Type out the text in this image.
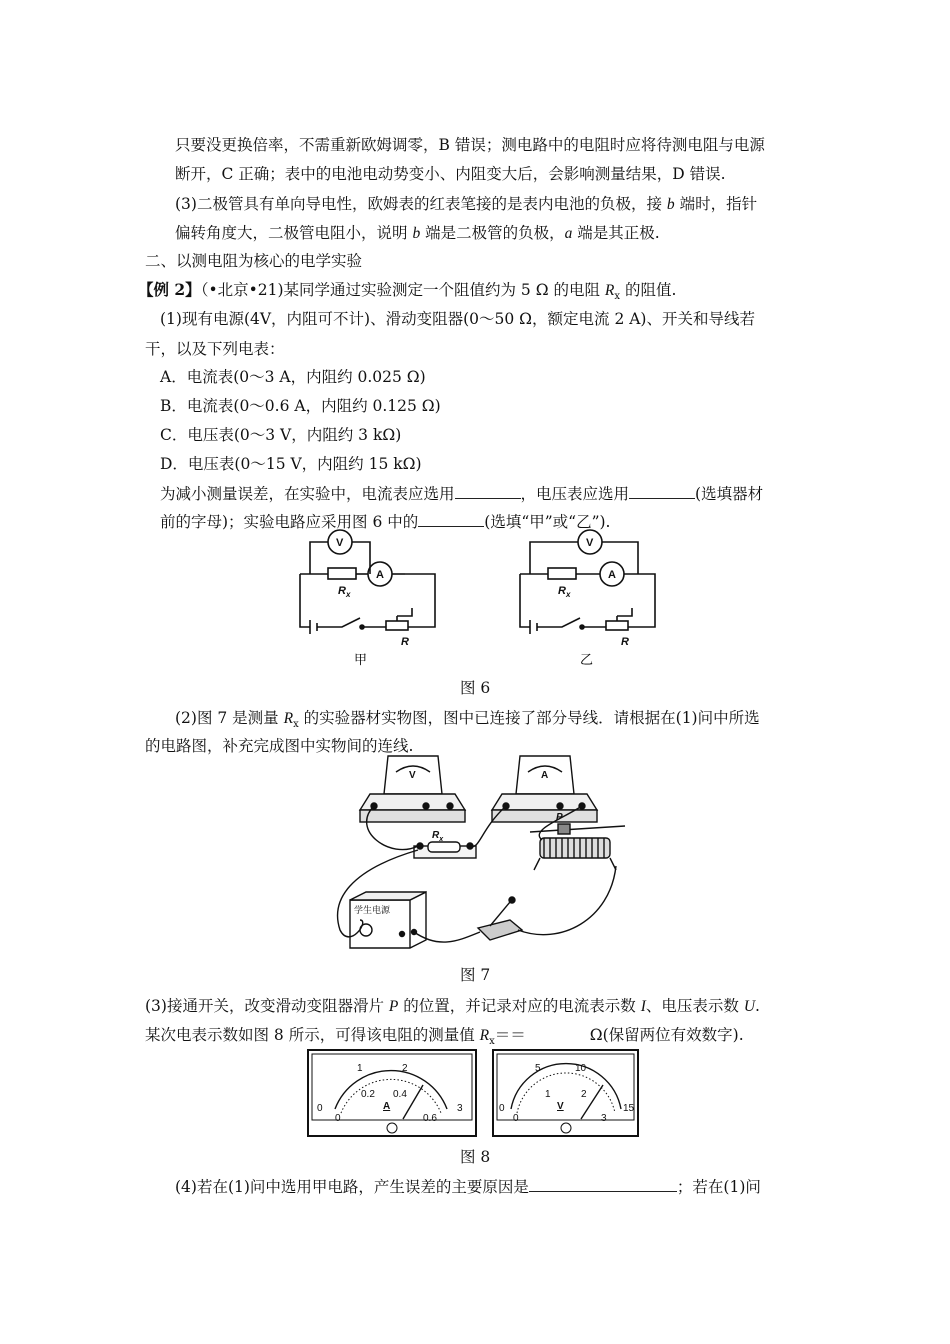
只要没更换倍率，不需重新欧姆调零，B 错误；测电路中的电阻时应将待测电阻与电源
断开，C 正确；表中的电池电动势变小、内阻变大后，会影响测量结果，D 错误.
(3)二极管具有单向导电性，欧姆表的红表笔接的是表内电池的负极，接 b 端时，指针
偏转角度大，二极管电阻小，说明 b 端是二极管的负极，a 端是其正极.
二、以测电阻为核心的电学实验
【例 2】（•北京•21)某同学通过实验测定一个阻值约为 5 Ω 的电阻 $R_x$ 的阻值.
(1)现有电源(4V，内阻可不计)、滑动变阻器(0～50 Ω，额定电流 2 A)、开关和导线若
干，以及下列电表：
A．电流表(0～3 A，内阻约 0.025 Ω)
B．电流表(0～0.6 A，内阻约 0.125 Ω)
C．电压表(0～3 V，内阻约 3 kΩ)
D．电压表(0～15 V，内阻约 15 kΩ)
为减小测量误差，在实验中，电流表应选用	，电压表应选用	(选填器材
前的字母)；实验电路应采用图 6 中的	(选填“甲”或“乙”).
V
A
$R_x$
R
V
A
$R_x$
R
甲	乙
图 6
(2)图 7 是测量 $R_x$ 的实验器材实物图，图中已连接了部分导线．请根据在(1)问中所选
的电路图，补充完成图中实物间的连线.
V	A
$R_x$
P
学生电源
图 7
(3)接通开关，改变滑动变阻器滑片 P 的位置，并记录对应的电流表示数 I、电压表示数 U.
某次电表示数如图 8 所示，可得该电阻的测量值 $R_x==$	Ω(保留两位有效数字).
1	2
0	3
0
0.2 0.4
0.6
A
5	10
0	15
0
1	2
3
V
图 8
(4)若在(1)问中选用甲电路，产生误差的主要原因是	；若在(1)问
